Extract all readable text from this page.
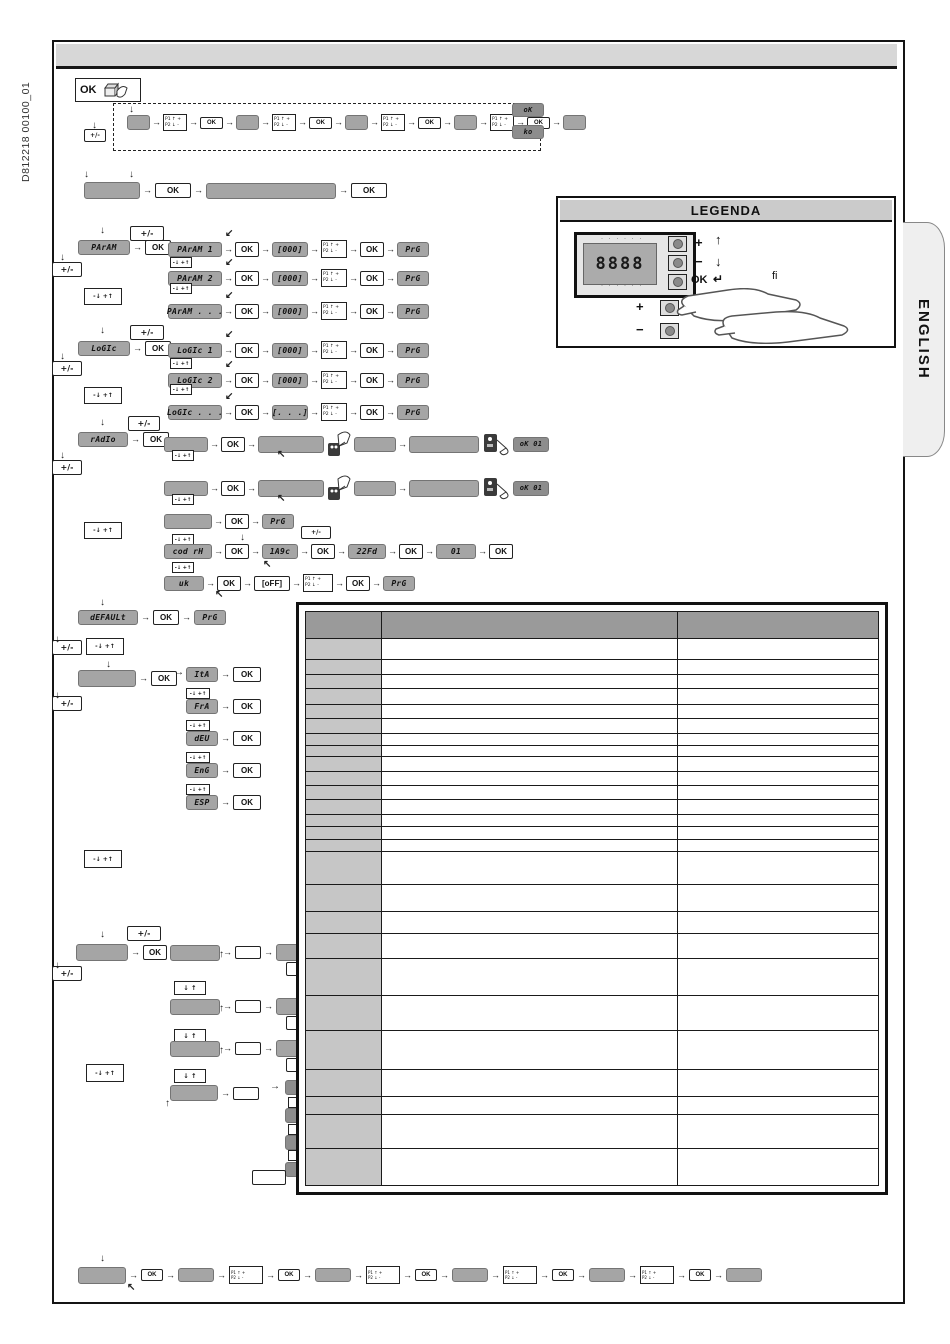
D812218 00100_01
ENGLISH
OK
→
P1 ↑ +
P2 ↓ - →	OK
→
→
P1 ↑ +
P2 ↓ - →	OK
→
→
P1 ↑ +
P2 ↓ - →	OK
→
→
P1 ↑ +
P2 ↓ - →	OK
→
oK
ko
+/-
→
OK → →	OK
+/-
PArAM →	OK
→
+/-
PArAM 1 →	OK →	[000] →	P1 ↑ +
P2 ↓ - →	OK →	PrG
-↓ +↑
PArAM 2 →	OK →	[000] →	P1 ↑ +
P2 ↓ - →	OK →	PrG
-↓ +↑
PArAM . . . →	OK →	[000] →	P1 ↑ +
P2 ↓ - →	OK →	PrG
-↓ +↑
+/-
LoGIc →	OK
→
+/-
LoGIc 1 →	OK →	[000] →	P1 ↑ +
P2 ↓ - →	OK →	PrG
-↓ +↑
LoGIc 2 →	OK →	[000] →	P1 ↑ +
P2 ↓ - →	OK →	PrG
-↓ +↑
LoGIc . . . →	OK →	[. . .] →	P1 ↑ +
P2 ↓ - →	OK →	PrG
-↓ +↑
+/-
rAdIo →	OK
→
+/-
→
OK → →	oK 01
-↓ +↑
→
OK → →	oK 01
-↓ +↑
→
OK →	PrG
-↓ +↑
cod rH →	OK →	1A9c →	OK →	22Fd →	OK →	01 →	OK
+/-
-↓ +↑
uk →	OK →	[oFF] →	P1 ↑ +
P2 ↓ - →	OK →	PrG
-↓ +↑
dEFAULt →	OK →	PrG
+/-	-↓ +↑
→
OK
→
+/-
ItA →	OK
-↓ +↑
FrA →	OK
-↓ +↑
dEU →	OK
-↓ +↑
EnG →	OK
-↓ +↑
ESP →	OK
-↓ +↑
+/-
→
OK
→
+/-
→
→
↓ ↑
→
→
↓ ↑
→
→
↓ ↑
→
→
-↓ +↑
→
OK → →	P1 ↑ +
P2 ↓ - →	OK → →	P1 ↑ +
P2 ↓ - →	OK → →	P1 ↑ +
P2 ↓ - →	OK → →	P1 ↑ +
P2 ↓ - →	OK
→
↓
↓
↓
↓
↓
↓
↙
↙
↙
↓
↓
↙
↙
↙
↓
↓
↖
↖
↓
↖
↖
↓
↓
↓
↓
↓
↓
↑
↑
↑
↑
↓
↖
LEGENDA
· · · · · ·
8888
· · · · · ·
+ ↑
− ↓
OK ↵	fi
+
−
